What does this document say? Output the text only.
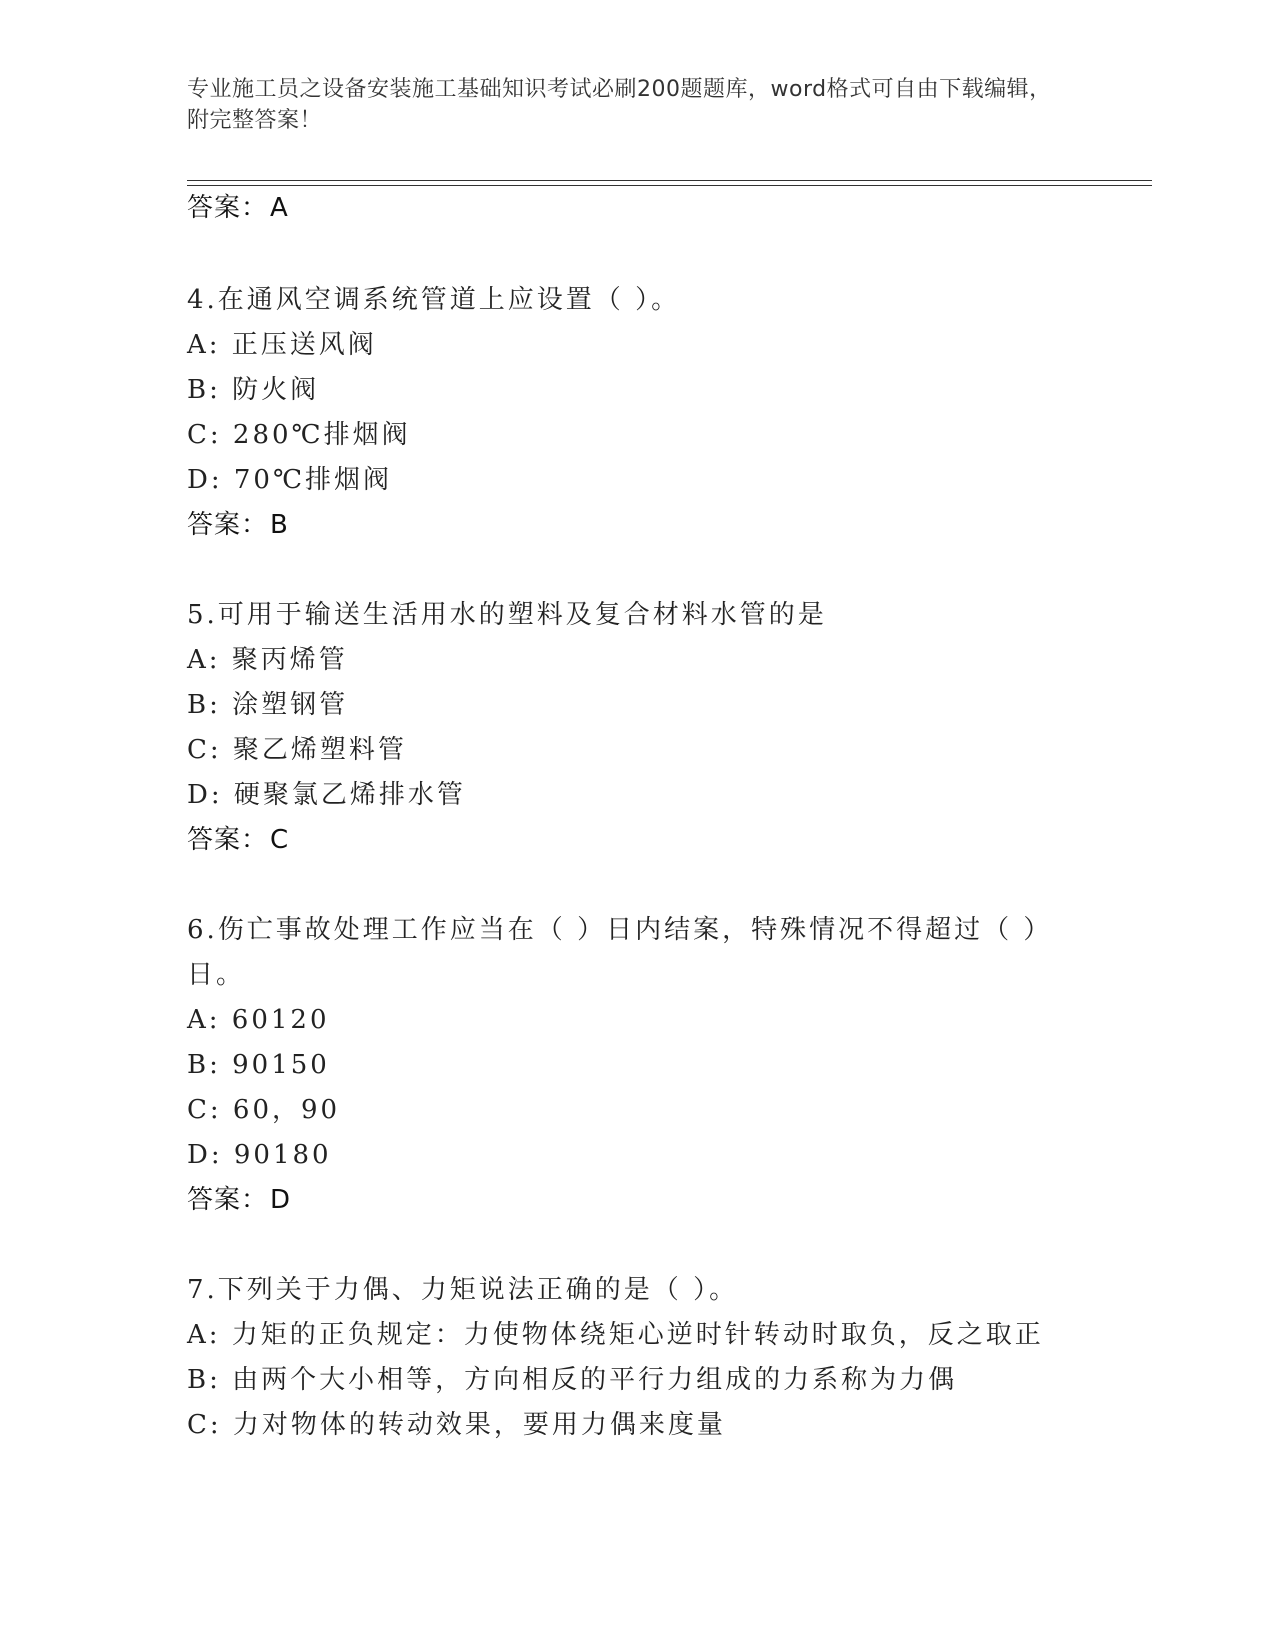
专业施工员之设备安装施工基础知识考试必刷200题题库，word格式可自由下载编辑，附完整答案！
答案：A
4.在通风空调系统管道上应设置（ ）。
A: 正压送风阀
B: 防火阀
C: 280℃排烟阀
D: 70℃排烟阀
答案：B
5.可用于输送生活用水的塑料及复合材料水管的是
A: 聚丙烯管
B: 涂塑钢管
C: 聚乙烯塑料管
D: 硬聚氯乙烯排水管
答案：C
6.伤亡事故处理工作应当在（ ）日内结案，特殊情况不得超过（ ）
日。
A: 60120
B: 90150
C: 60，90
D: 90180
答案：D
7.下列关于力偶、力矩说法正确的是（ ）。
A: 力矩的正负规定：力使物体绕矩心逆时针转动时取负，反之取正
B: 由两个大小相等，方向相反的平行力组成的力系称为力偶
C: 力对物体的转动效果，要用力偶来度量
